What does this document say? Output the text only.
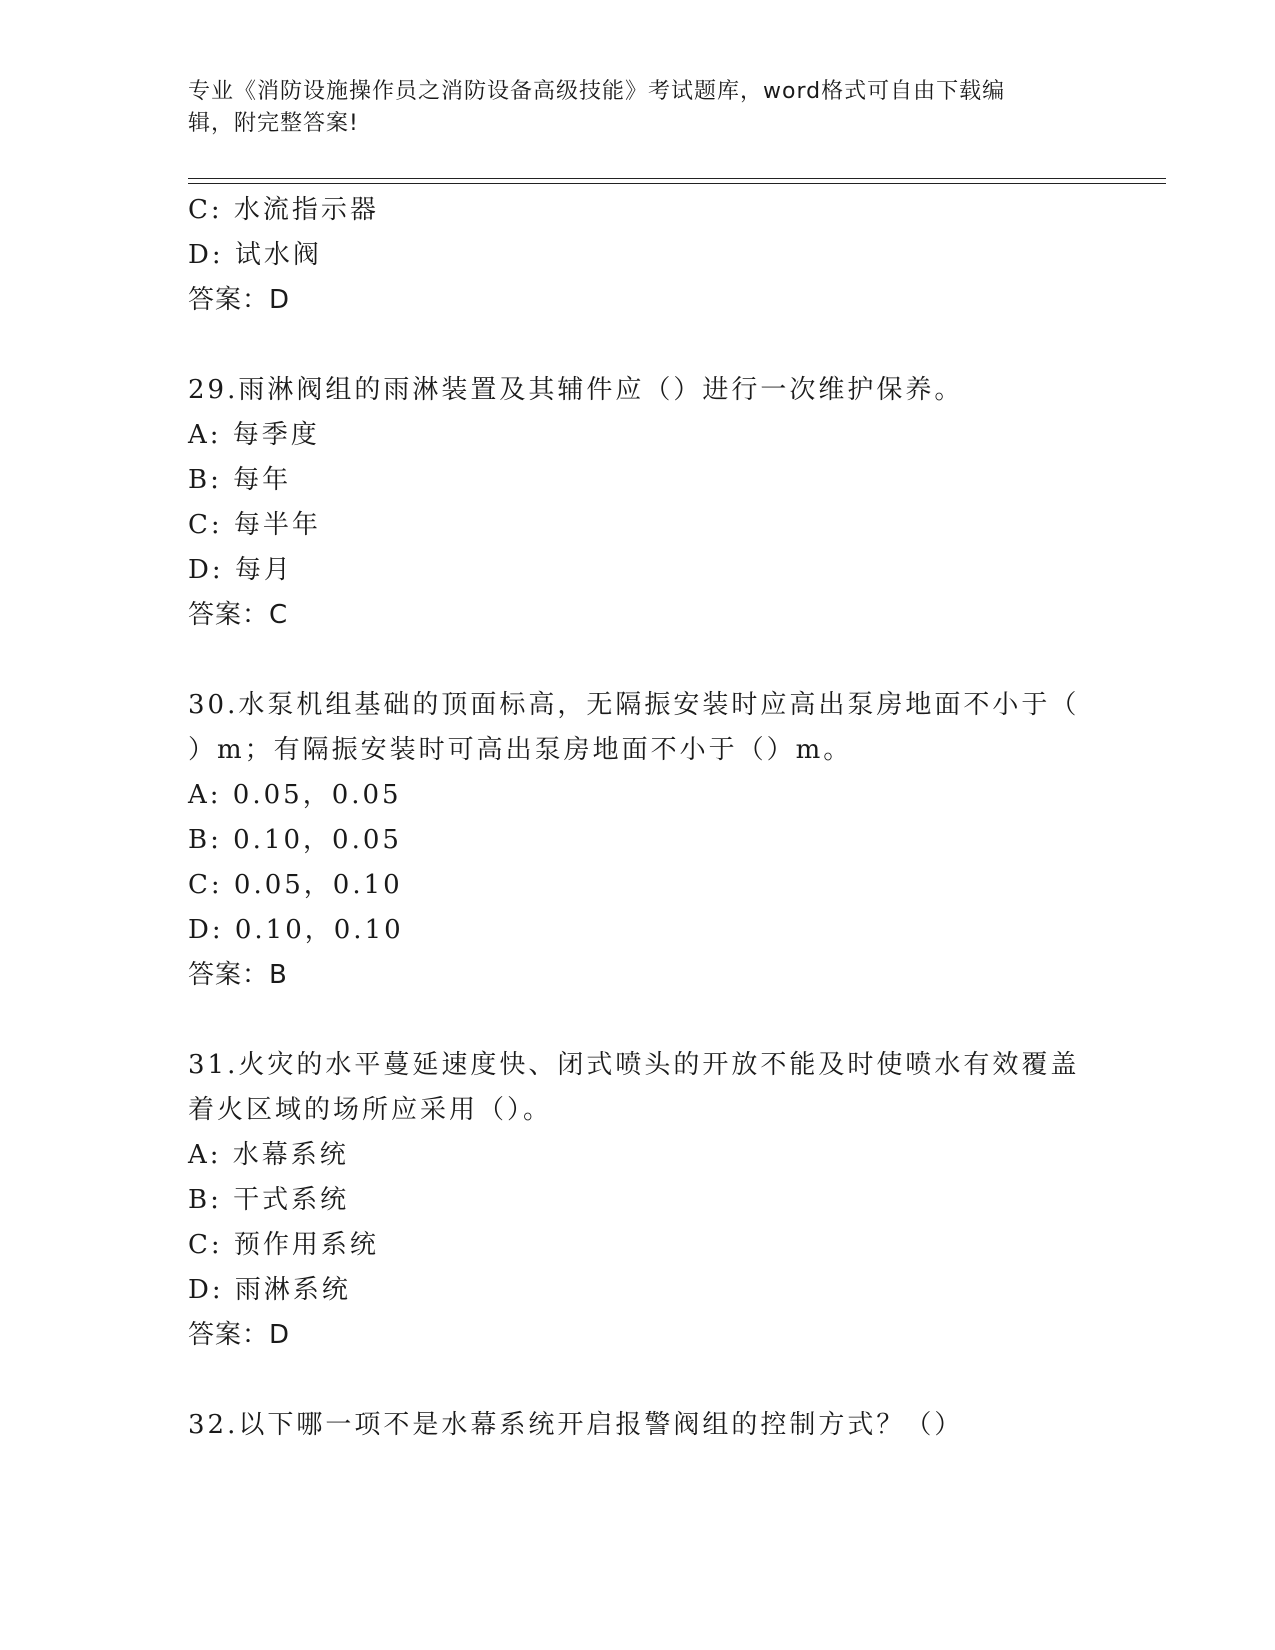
专业《消防设施操作员之消防设备高级技能》考试题库，word格式可自由下载编
辑，附完整答案!
C: 水流指示器
D: 试水阀
答案：D
29.雨淋阀组的雨淋装置及其辅件应（）进行一次维护保养。
A: 每季度
B: 每年
C: 每半年
D: 每月
答案：C
30.水泵机组基础的顶面标高，无隔振安装时应高出泵房地面不小于（
）m；有隔振安装时可高出泵房地面不小于（）m。
A: 0.05，0.05
B: 0.10，0.05
C: 0.05，0.10
D: 0.10，0.10
答案：B
31.火灾的水平蔓延速度快、闭式喷头的开放不能及时使喷水有效覆盖
着火区域的场所应采用（）。
A: 水幕系统
B: 干式系统
C: 预作用系统
D: 雨淋系统
答案：D
32.以下哪一项不是水幕系统开启报警阀组的控制方式？（）
